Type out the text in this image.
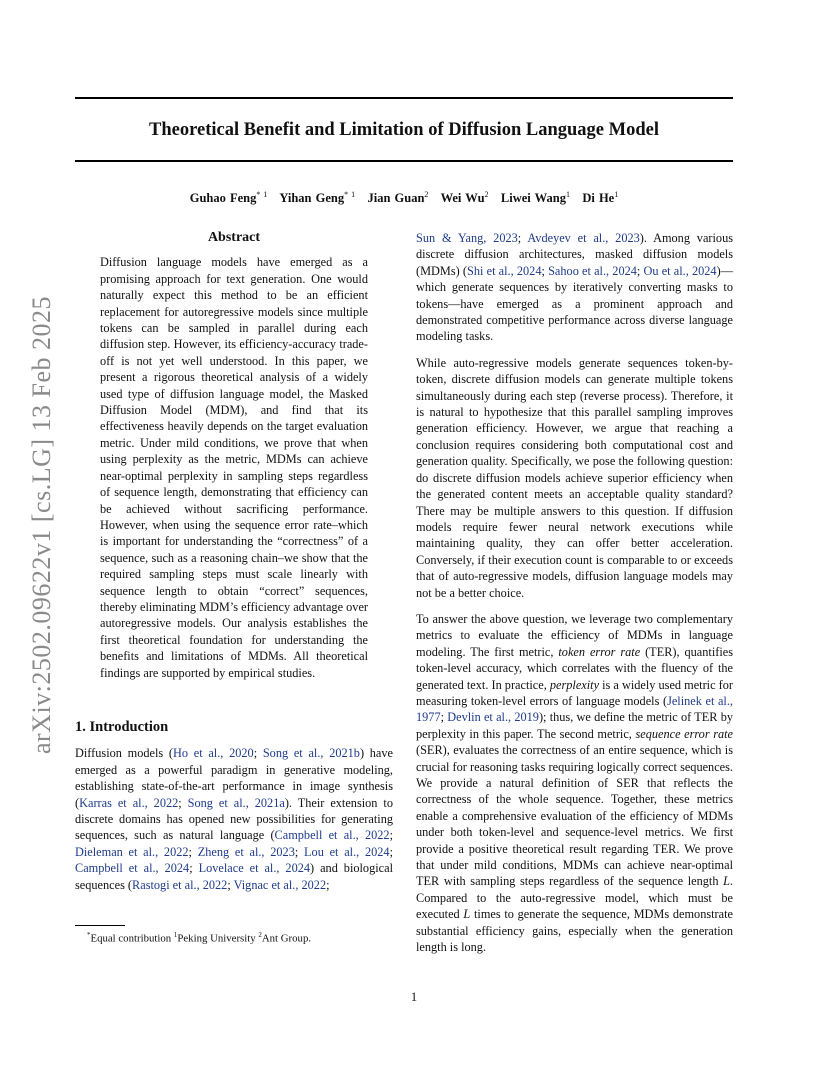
arXiv:2502.09622v1 [cs.LG] 13 Feb 2025
Theoretical Benefit and Limitation of Diffusion Language Model
Guhao Feng$^{* 1}$ Yihan Geng$^{* 1}$ Jian Guan$^2$ Wei Wu$^2$ Liwei Wang$^1$ Di He$^1$
Abstract

Diffusion language models have emerged as a promising approach for text generation. One would naturally expect this method to be an efficient replacement for autoregressive models since multiple tokens can be sampled in parallel during each diffusion step. However, its efficiency-accuracy trade-off is not yet well understood. In this paper, we present a rigorous theoretical analysis of a widely used type of diffusion language model, the Masked Diffusion Model (MDM), and find that its effectiveness heavily depends on the target evaluation metric. Under mild conditions, we prove that when using perplexity as the metric, MDMs can achieve near-optimal perplexity in sampling steps regardless of sequence length, demonstrating that efficiency can be achieved without sacrificing performance. However, when using the sequence error rate–which is important for understanding the “correctness” of a sequence, such as a reasoning chain–we show that the required sampling steps must scale linearly with sequence length to obtain “correct” sequences, thereby eliminating MDM’s efficiency advantage over autoregressive models. Our analysis establishes the first theoretical foundation for understanding the benefits and limitations of MDMs. All theoretical findings are supported by empirical studies.

1. Introduction

Diffusion models (Ho et al., 2020; Song et al., 2021b) have emerged as a powerful paradigm in generative modeling, establishing state-of-the-art performance in image synthesis (Karras et al., 2022; Song et al., 2021a). Their extension to discrete domains has opened new possibilities for generating sequences, such as natural language (Campbell et al., 2022; Dieleman et al., 2022; Zheng et al., 2023; Lou et al., 2024; Campbell et al., 2024; Lovelace et al., 2024) and biological sequences (Rastogi et al., 2022; Vignac et al., 2022;

Sun & Yang, 2023; Avdeyev et al., 2023). Among various discrete diffusion architectures, masked diffusion models (MDMs) (Shi et al., 2024; Sahoo et al., 2024; Ou et al., 2024)—which generate sequences by iteratively converting masks to tokens—have emerged as a prominent approach and demonstrated competitive performance across diverse language modeling tasks.

While auto-regressive models generate sequences token-by-token, discrete diffusion models can generate multiple tokens simultaneously during each step (reverse process). Therefore, it is natural to hypothesize that this parallel sampling improves generation efficiency. However, we argue that reaching a conclusion requires considering both computational cost and generation quality. Specifically, we pose the following question: do discrete diffusion models achieve superior efficiency when the generated content meets an acceptable quality standard? There may be multiple answers to this question. If diffusion models require fewer neural network executions while maintaining quality, they can offer better acceleration. Conversely, if their execution count is comparable to or exceeds that of auto-regressive models, diffusion language models may not be a better choice.

To answer the above question, we leverage two complementary metrics to evaluate the efficiency of MDMs in language modeling. The first metric, token error rate (TER), quantifies token-level accuracy, which correlates with the fluency of the generated text. In practice, perplexity is a widely used metric for measuring token-level errors of language models (Jelinek et al., 1977; Devlin et al., 2019); thus, we define the metric of TER by perplexity in this paper. The second metric, sequence error rate (SER), evaluates the correctness of an entire sequence, which is crucial for reasoning tasks requiring logically correct sequences. We provide a natural definition of SER that reflects the correctness of the whole sequence. Together, these metrics enable a comprehensive evaluation of the efficiency of MDMs under both token-level and sequence-level metrics. We first provide a positive theoretical result regarding TER. We prove that under mild conditions, MDMs can achieve near-optimal TER with sampling steps regardless of the sequence length L. Compared to the auto-regressive model, which must be executed L times to generate the sequence, MDMs demonstrate substantial efficiency gains, especially when the generation length is long.

*Equal contribution $^1$Peking University $^2$Ant Group.
1
